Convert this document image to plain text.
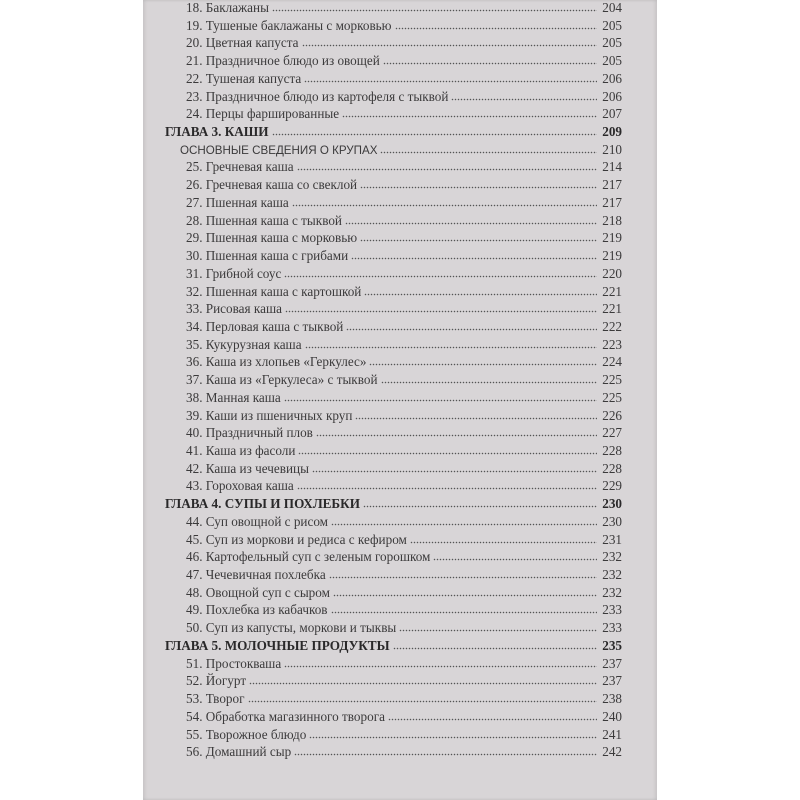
18. Баклажаны	204
19. Тушеные баклажаны с морковью	205
20. Цветная капуста	205
21. Праздничное блюдо из овощей	205
22. Тушеная капуста	206
23. Праздничное блюдо из картофеля с тыквой	206
24. Перцы фаршированные	207
ГЛАВА 3. КАШИ	209
ОСНОВНЫЕ СВЕДЕНИЯ О КРУПАХ	210
25. Гречневая каша	214
26. Гречневая каша со свеклой	217
27. Пшенная каша	217
28. Пшенная каша с тыквой	218
29. Пшенная каша с морковью	219
30. Пшенная каша с грибами	219
31. Грибной соус	220
32. Пшенная каша с картошкой	221
33. Рисовая каша	221
34. Перловая каша с тыквой	222
35. Кукурузная каша	223
36. Каша из хлопьев «Геркулес»	224
37. Каша из «Геркулеса» с тыквой	225
38. Манная каша	225
39. Каши из пшеничных круп	226
40. Праздничный плов	227
41. Каша из фасоли	228
42. Каша из чечевицы	228
43. Гороховая каша	229
ГЛАВА 4. СУПЫ И ПОХЛЕБКИ	230
44. Суп овощной с рисом	230
45. Суп из моркови и редиса с кефиром	231
46. Картофельный суп с зеленым горошком	232
47. Чечевичная похлебка	232
48. Овощной суп с сыром	232
49. Похлебка из кабачков	233
50. Суп из капусты, моркови и тыквы	233
ГЛАВА 5. МОЛОЧНЫЕ ПРОДУКТЫ	235
51. Простокваша	237
52. Йогурт	237
53. Творог	238
54. Обработка магазинного творога	240
55. Творожное блюдо	241
56. Домашний сыр	242
